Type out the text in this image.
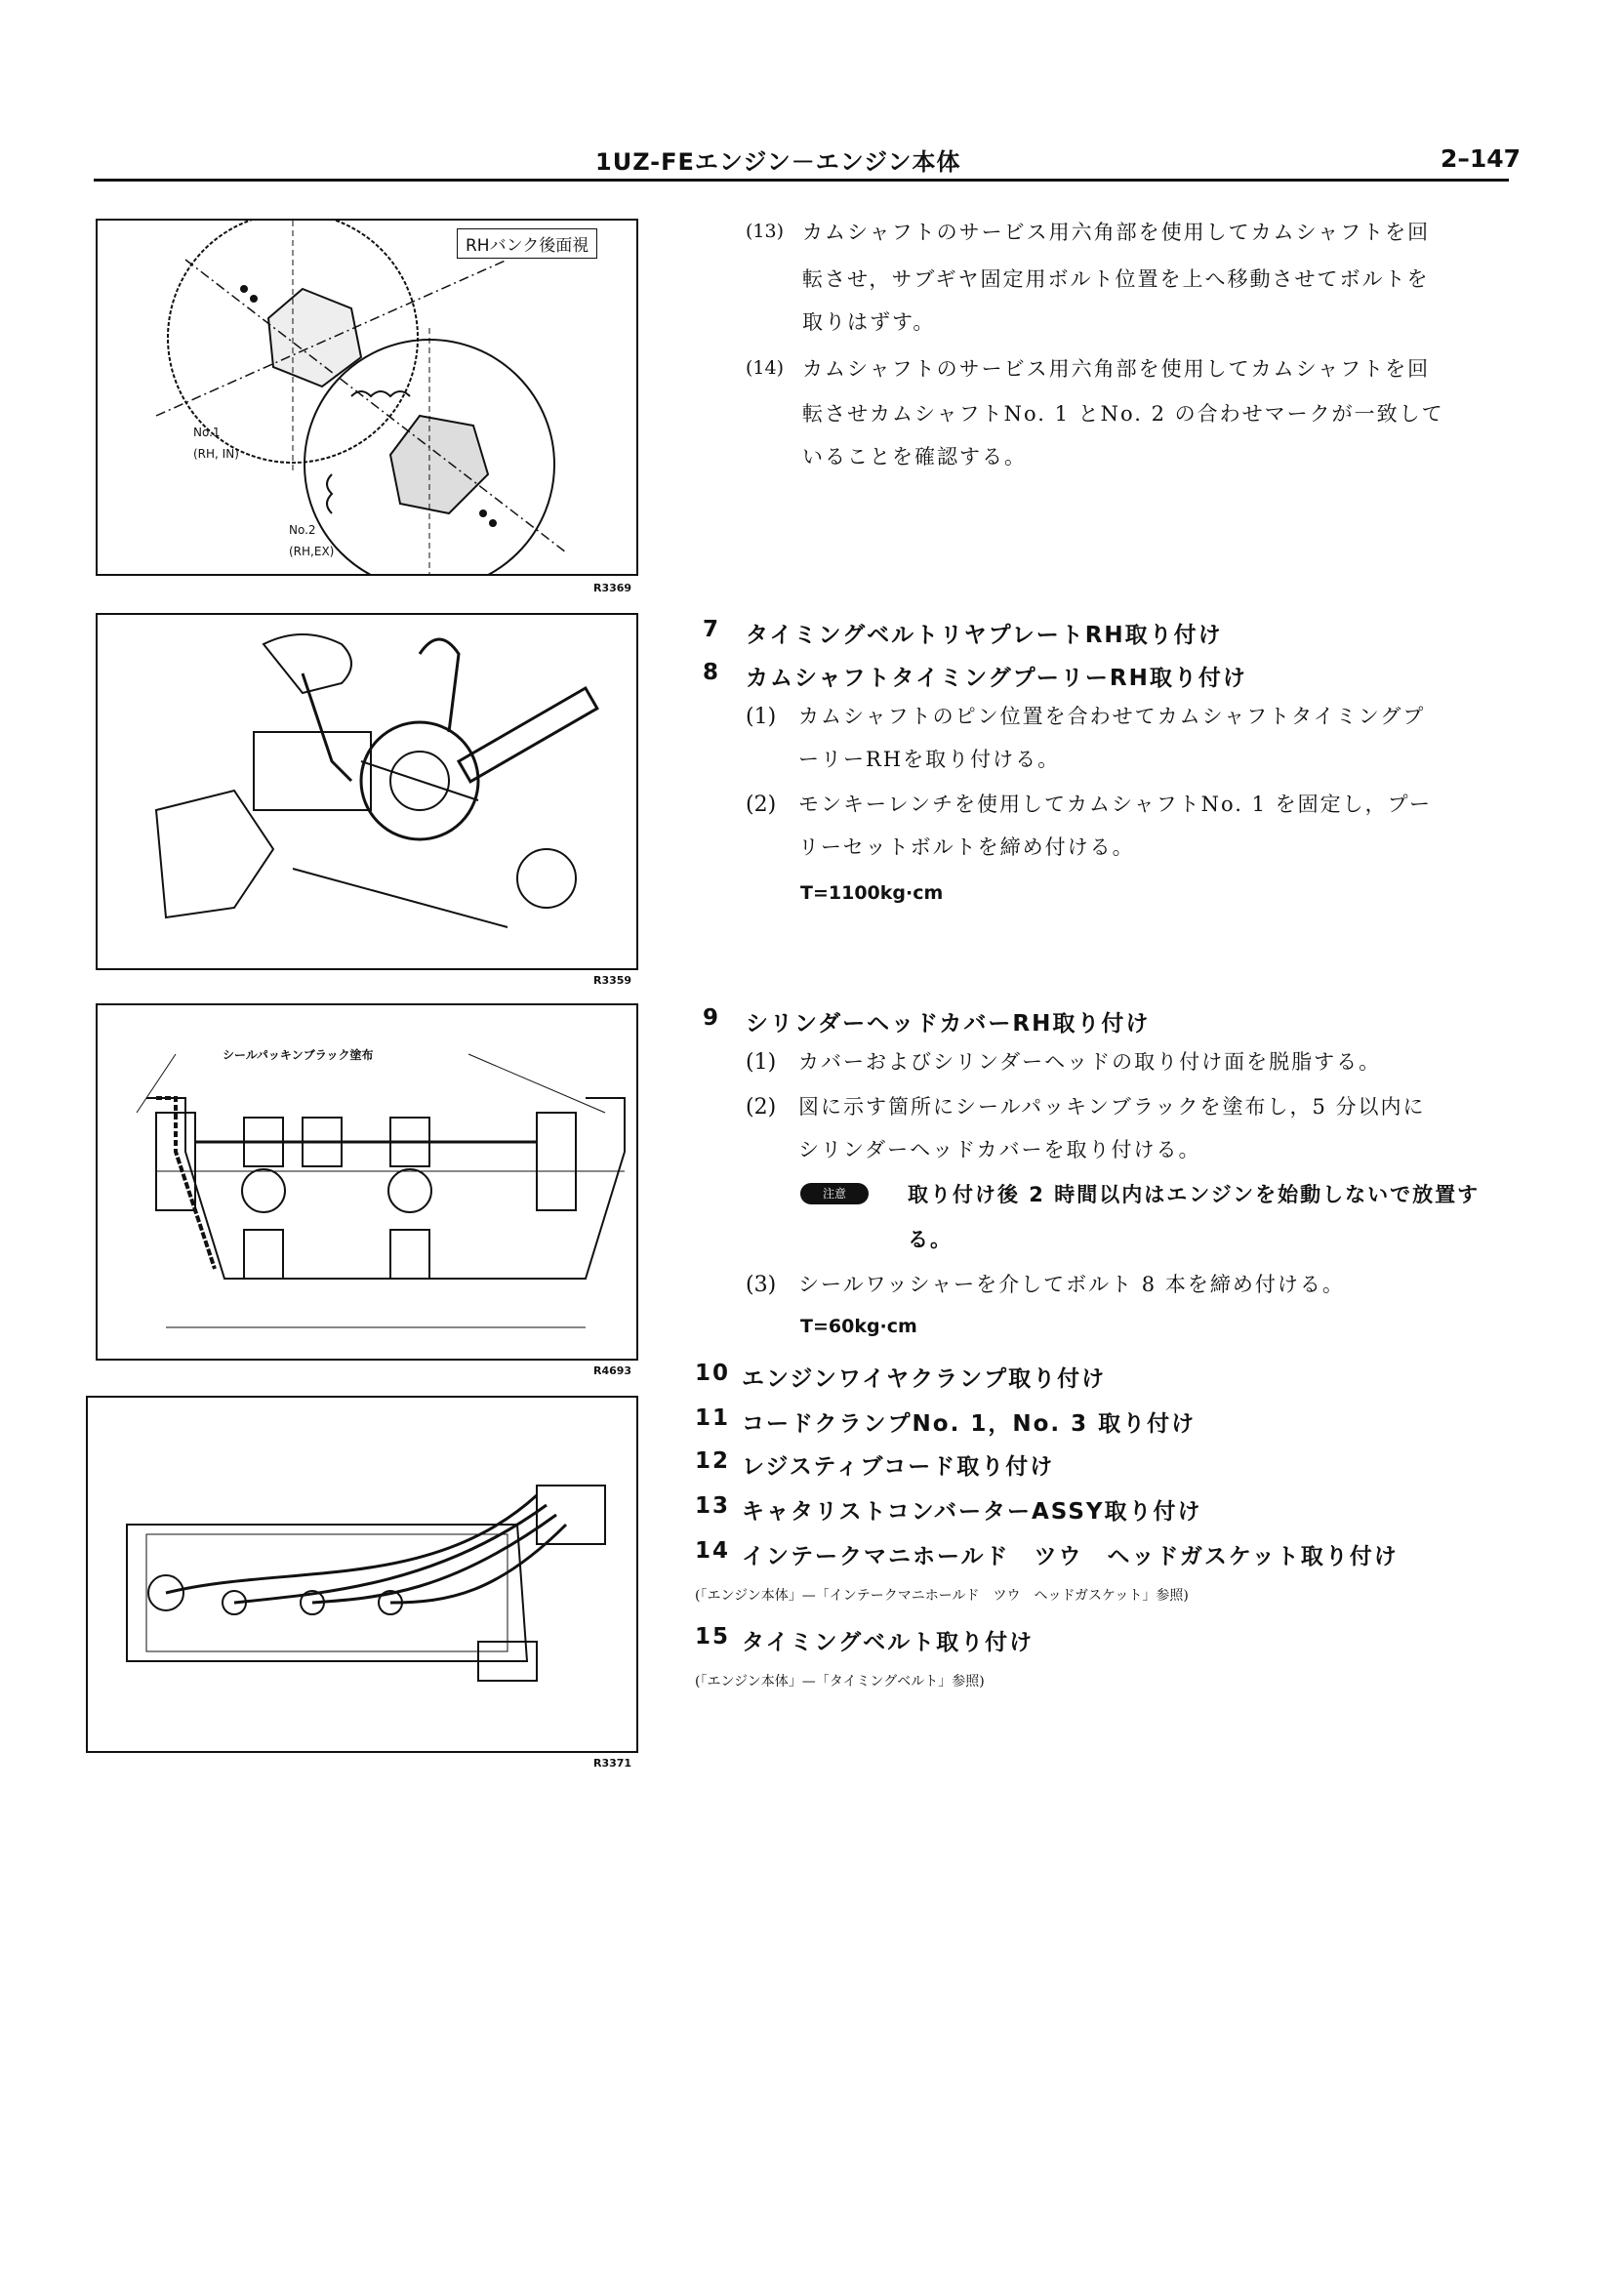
1UZ-FEエンジン－エンジン本体	2–147
RHバンク後面視
No.1
(RH, IN)
No.2
(RH,EX)
R3369
R3359
シールパッキンブラック塗布
R4693
R3371
(13) カムシャフトのサービス用六角部を使用してカムシャフトを回
転させ，サブギヤ固定用ボルト位置を上へ移動させてボルトを
取りはずす。
(14) カムシャフトのサービス用六角部を使用してカムシャフトを回
転させカムシャフトNo. 1 とNo. 2 の合わせマークが一致して
いることを確認する。
7 タイミングベルトリヤプレートRH取り付け
8 カムシャフトタイミングプーリーRH取り付け
(1) カムシャフトのピン位置を合わせてカムシャフトタイミングプ
ーリーRHを取り付ける。
(2) モンキーレンチを使用してカムシャフトNo. 1 を固定し，プー
リーセットボルトを締め付ける。
T=1100kg·cm
9 シリンダーヘッドカバーRH取り付け
(1) カバーおよびシリンダーヘッドの取り付け面を脱脂する。
(2) 図に示す箇所にシールパッキンブラックを塗布し，5 分以内に
シリンダーヘッドカバーを取り付ける。
注意	取り付け後 2 時間以内はエンジンを始動しないで放置す
る。
(3) シールワッシャーを介してボルト 8 本を締め付ける。
T=60kg·cm
10 エンジンワイヤクランプ取り付け
11 コードクランプNo. 1，No. 3 取り付け
12 レジスティブコード取り付け
13 キャタリストコンバーターASSY取り付け
14 インテークマニホールド　ツウ　ヘッドガスケット取り付け
(「エンジン本体」—「インテークマニホールド　ツウ　ヘッドガスケット」参照)
15 タイミングベルト取り付け
(「エンジン本体」—「タイミングベルト」参照)
